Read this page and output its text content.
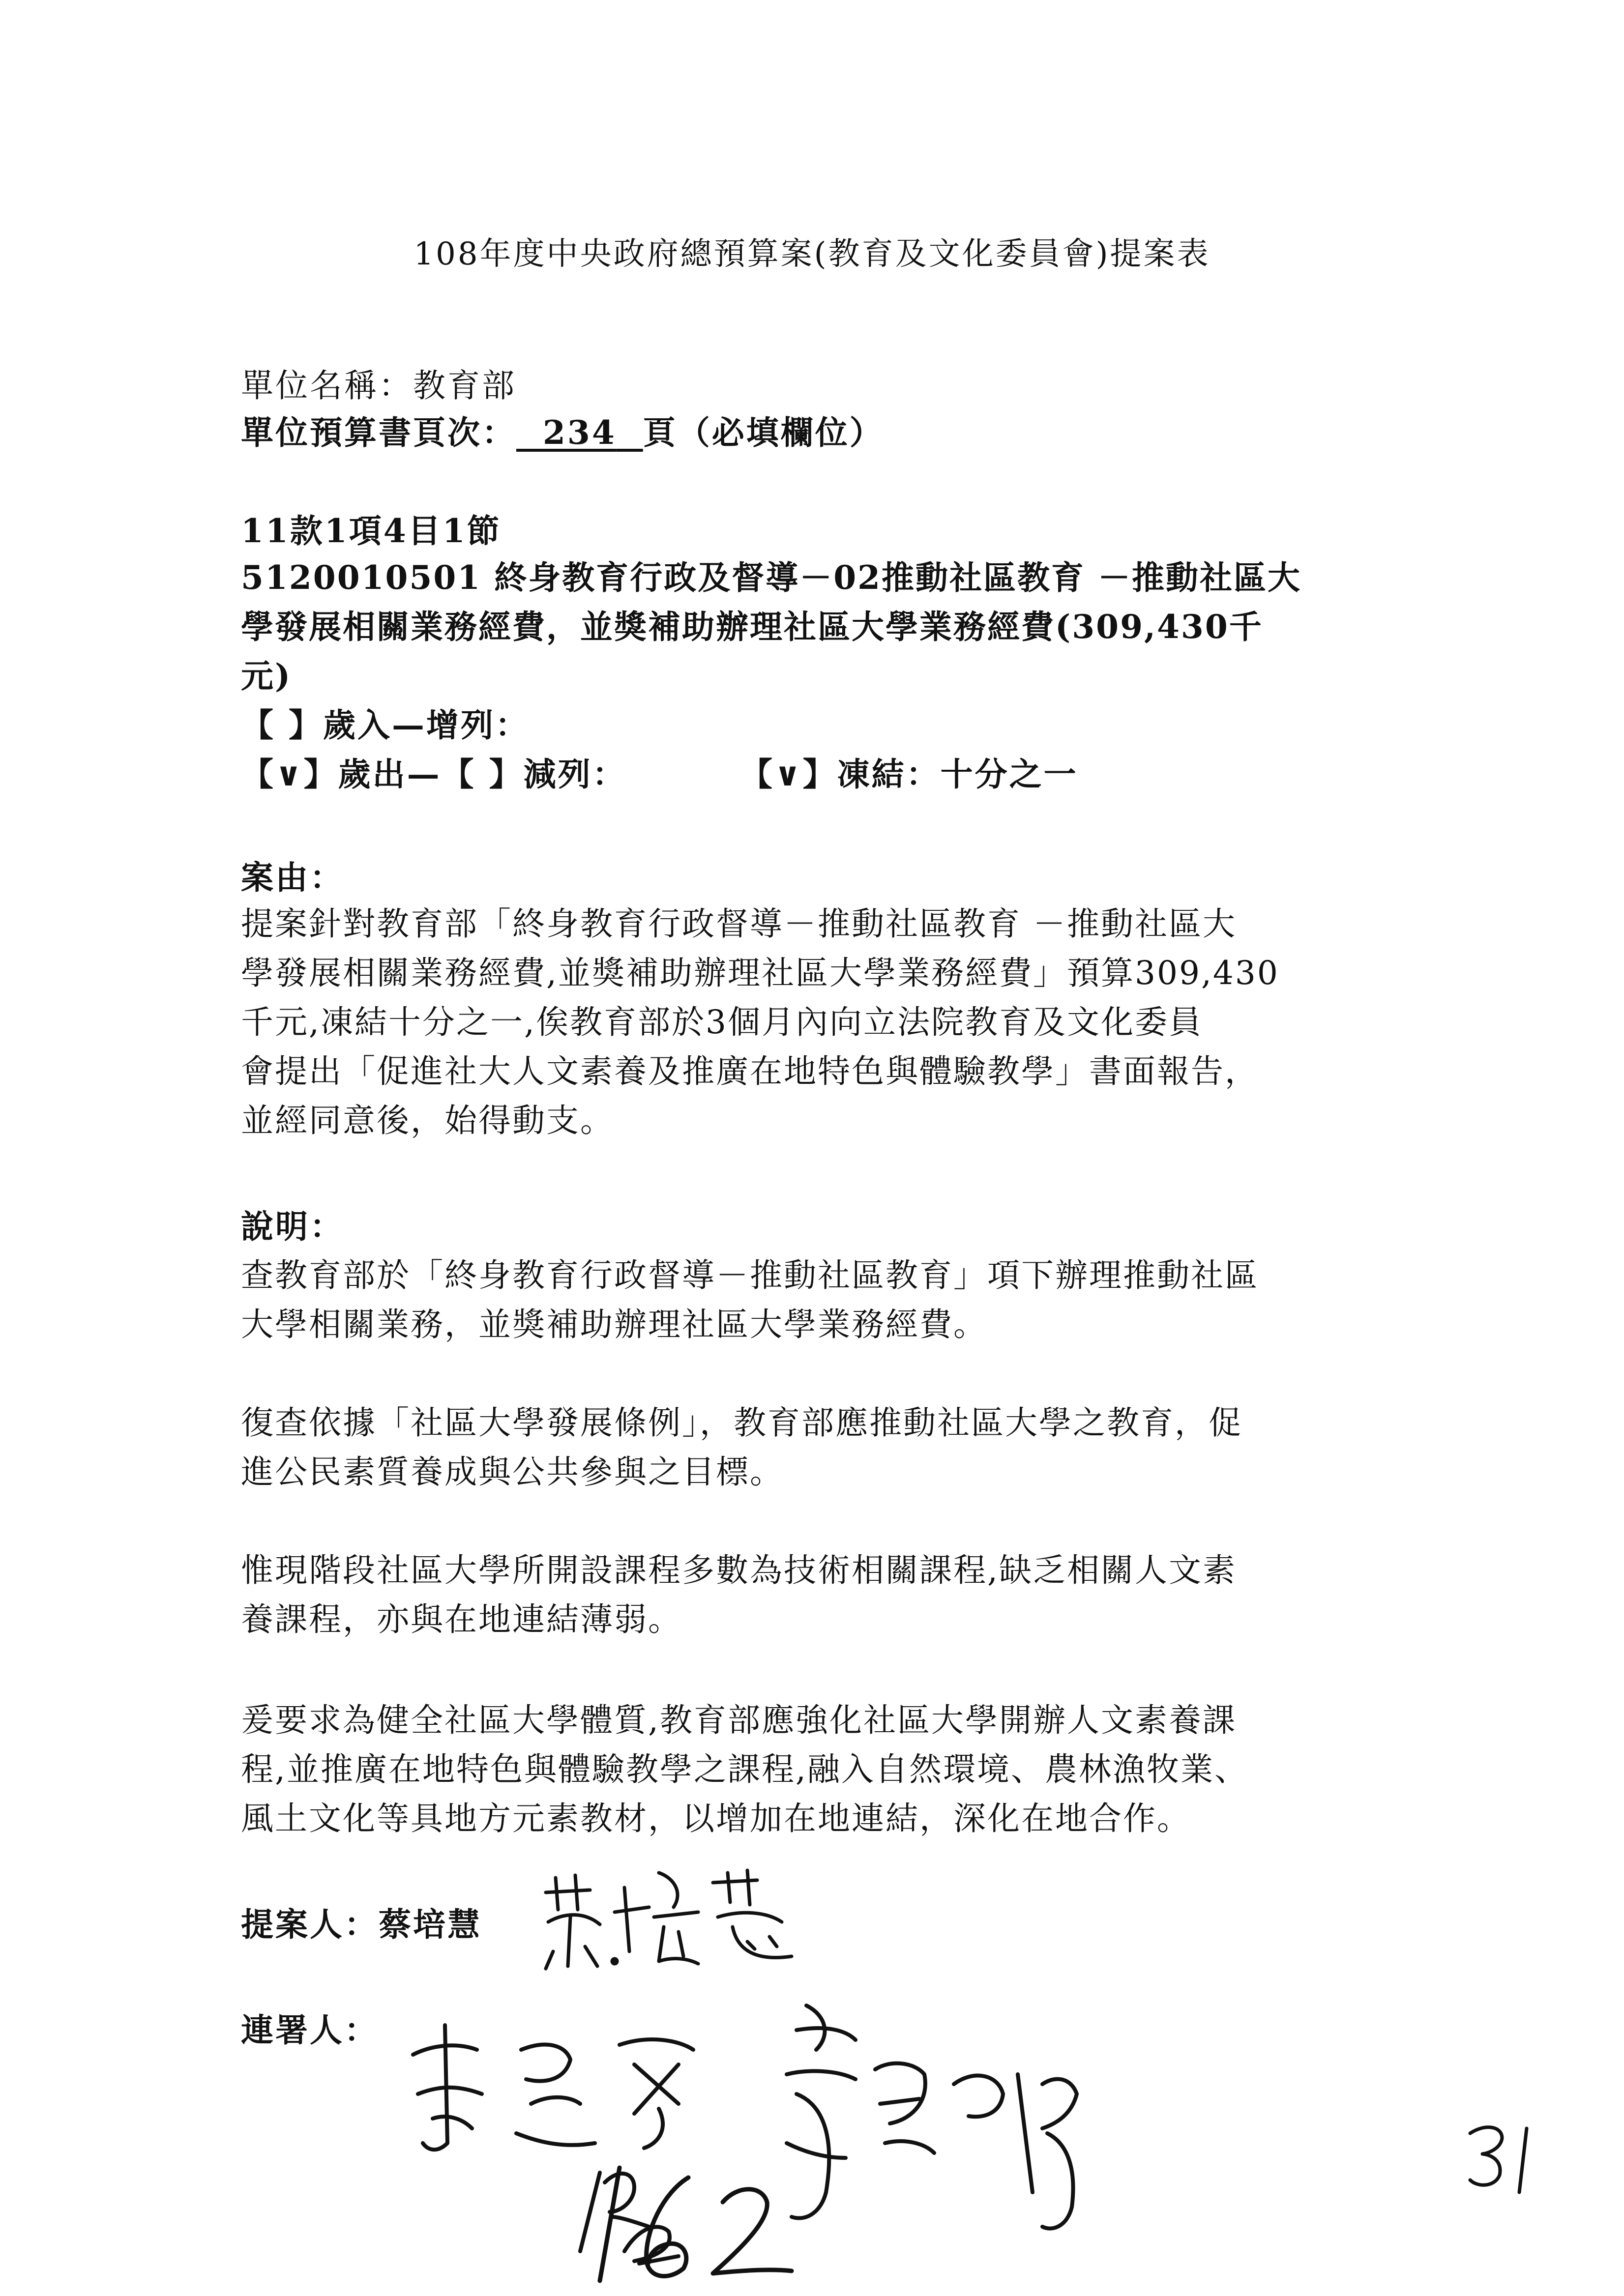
108年度中央政府總預算案(教育及文化委員會)提案表
單位名稱：教育部
單位預算書頁次： 234 頁（必填欄位）
11款1項4目1節
5120010501 終身教育行政及督導－02推動社區教育 －推動社區大
學發展相關業務經費，並獎補助辦理社區大學業務經費(309,430千
元)
【 】歲入—增列：
【∨】歲出—【 】減列：	【∨】凍結：十分之一
案由：
提案針對教育部「終身教育行政督導－推動社區教育 －推動社區大
學發展相關業務經費,並獎補助辦理社區大學業務經費」預算309,430
千元,凍結十分之一,俟教育部於3個月內向立法院教育及文化委員
會提出「促進社大人文素養及推廣在地特色與體驗教學」書面報告，
並經同意後，始得動支。
說明：
查教育部於「終身教育行政督導－推動社區教育」項下辦理推動社區
大學相關業務，並獎補助辦理社區大學業務經費。
復查依據「社區大學發展條例」，教育部應推動社區大學之教育，促
進公民素質養成與公共參與之目標。
惟現階段社區大學所開設課程多數為技術相關課程,缺乏相關人文素
養課程，亦與在地連結薄弱。
爰要求為健全社區大學體質,教育部應強化社區大學開辦人文素養課
程,並推廣在地特色與體驗教學之課程,融入自然環境、農林漁牧業、
風土文化等具地方元素教材，以增加在地連結，深化在地合作。
提案人：蔡培慧
連署人：
